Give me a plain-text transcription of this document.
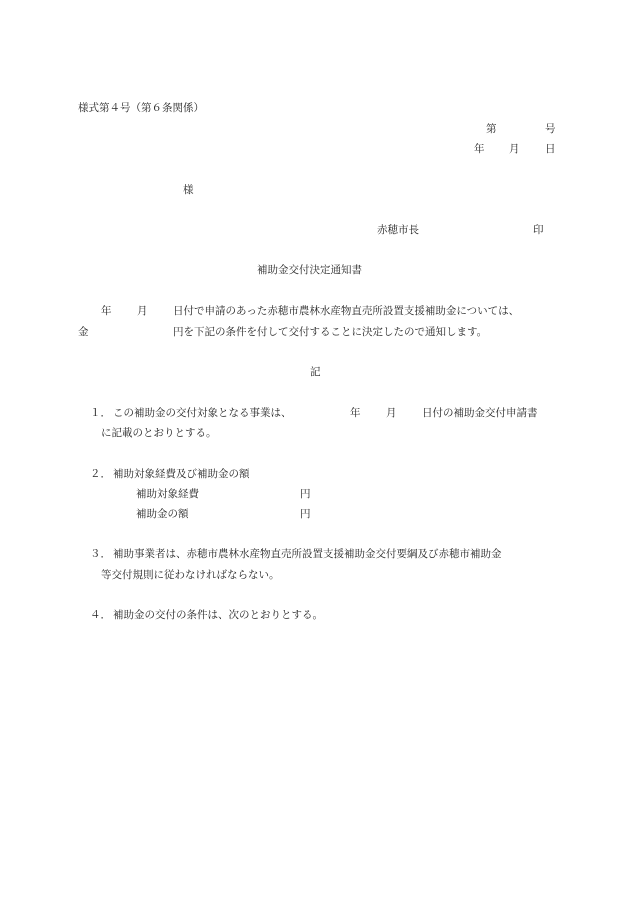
様式第４号（第６条関係）
第	号
年 月 日
様
赤穂市長	印
補助金交付決定通知書
年 月 日付で申請のあった赤穂市農林水産物直売所設置支援補助金については、
金	円を下記の条件を付して交付することに決定したので通知します。
記
１． この補助金の交付対象となる事業は、	年 月 日付の補助金交付申請書
に記載のとおりとする。
２． 補助対象経費及び補助金の額
補助対象経費	円
補助金の額	円
３． 補助事業者は、赤穂市農林水産物直売所設置支援補助金交付要綱及び赤穂市補助金
等交付規則に従わなければならない。
４． 補助金の交付の条件は、次のとおりとする。
